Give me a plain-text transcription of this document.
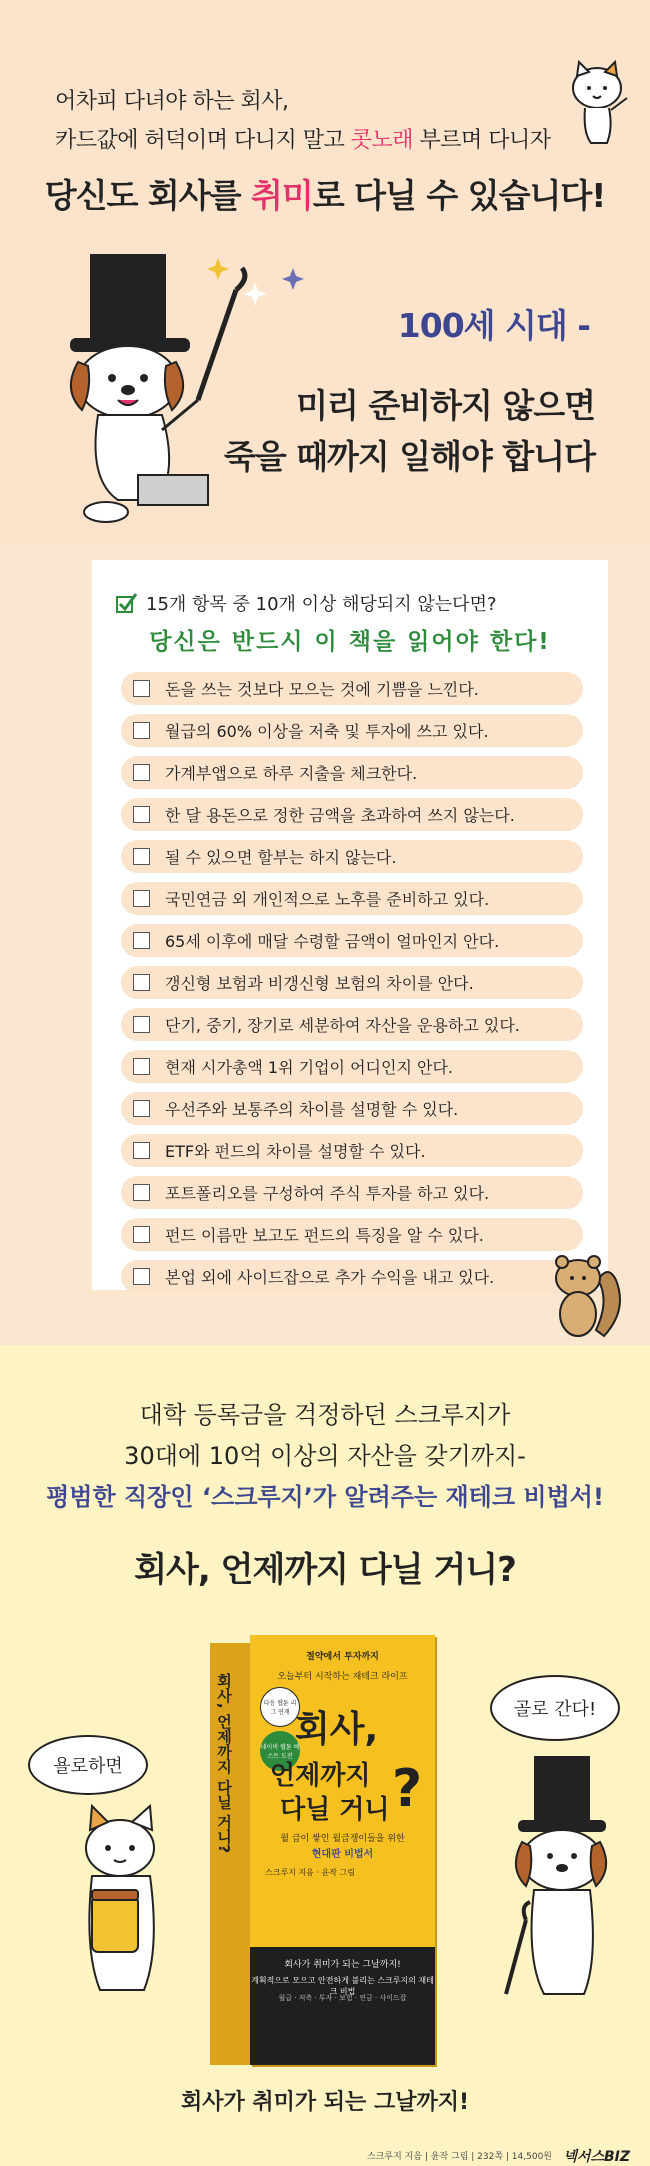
어차피 다녀야 하는 회사,
카드값에 허덕이며 다니지 말고 콧노래 부르며 다니자
당신도 회사를 취미로 다닐 수 있습니다!
100세 시대 -
미리 준비하지 않으면
죽을 때까지 일해야 합니다
15개 항목 중 10개 이상 해당되지 않는다면?
당신은 반드시 이 책을 읽어야 한다!
돈을 쓰는 것보다 모으는 것에 기쁨을 느낀다.
월급의 60% 이상을 저축 및 투자에 쓰고 있다.
가계부앱으로 하루 지출을 체크한다.
한 달 용돈으로 정한 금액을 초과하여 쓰지 않는다.
될 수 있으면 할부는 하지 않는다.
국민연금 외 개인적으로 노후를 준비하고 있다.
65세 이후에 매달 수령할 금액이 얼마인지 안다.
갱신형 보험과 비갱신형 보험의 차이를 안다.
단기, 중기, 장기로 세분하여 자산을 운용하고 있다.
현재 시가총액 1위 기업이 어디인지 안다.
우선주와 보통주의 차이를 설명할 수 있다.
ETF와 펀드의 차이를 설명할 수 있다.
포트폴리오를 구성하여 주식 투자를 하고 있다.
펀드 이름만 보고도 펀드의 특징을 알 수 있다.
본업 외에 사이드잡으로 추가 수익을 내고 있다.
대학 등록금을 걱정하던 스크루지가
30대에 10억 이상의 자산을 갖기까지-
평범한 직장인 ‘스크루지’가 알려주는 재테크 비법서!
회사, 언제까지 다닐 거니?
욜로하면
골로 간다!
회사, 언제까지 다닐 거니?
절약에서 투자까지
오늘부터 시작하는 재테크 라이프
다음 웹툰 리그 연재
네이버 웹툰 베스트 도전
회사,
언제까지
다닐 거니 ?
월 급이 쌓인 월급쟁이들을 위한
현대판 비법서
스크루지 지음 · 윤작 그림
회사가 취미가 되는 그날까지!
계획적으로 모으고 안전하게 불리는 스크루지의 재테크 비법
월급 · 저축 · 투자 · 보험 · 연금 · 사이드잡
회사가 취미가 되는 그날까지!
스크루지 지음 | 윤작 그림 | 232쪽 | 14,500원 넥서스BIZ
